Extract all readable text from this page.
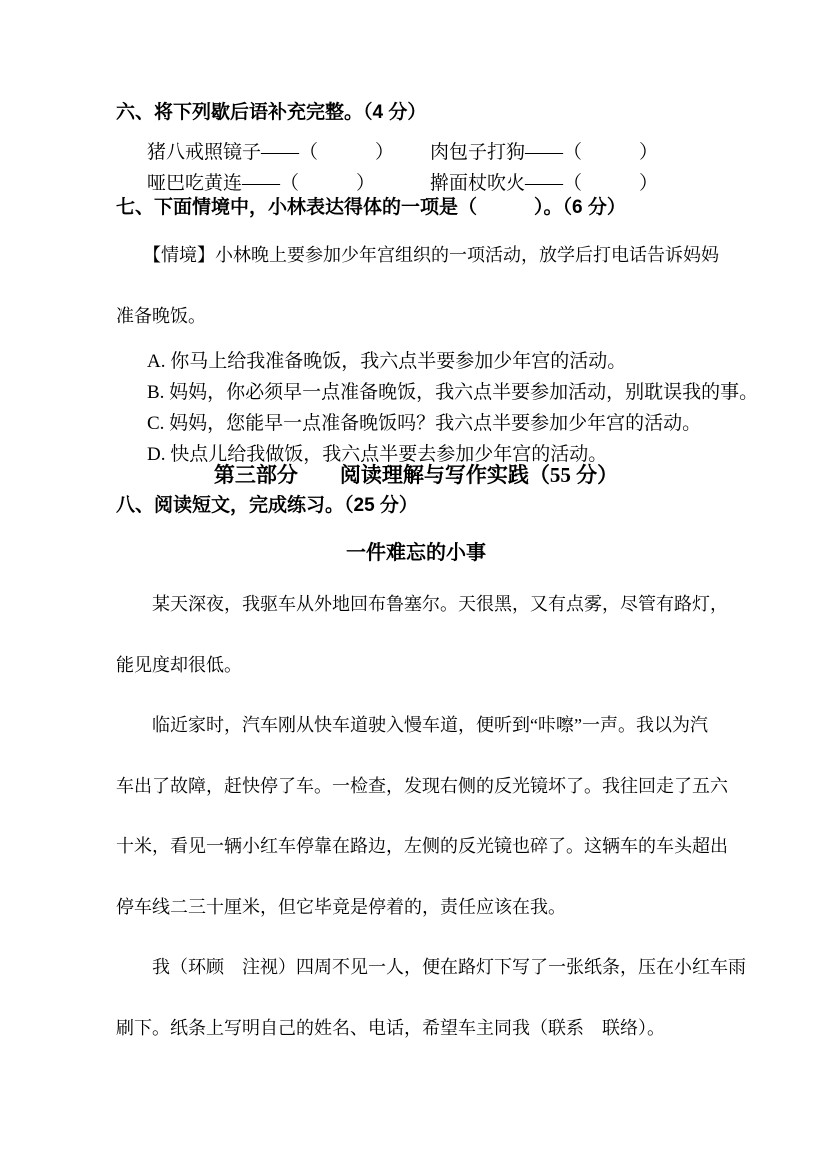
六、将下列歇后语补充完整。（4 分）
猪八戒照镜子——（　　　）	肉包子打狗——（　　　）
哑巴吃黄连——（　　　）	擀面杖吹火——（　　　）
七、下面情境中，小林表达得体的一项是（　　　）。（6 分）
　　【情境】小林晚上要参加少年宫组织的一项活动，放学后打电话告诉妈妈
准备晚饭。
A. 你马上给我准备晚饭，我六点半要参加少年宫的活动。
B. 妈妈，你必须早一点准备晚饭，我六点半要参加活动，别耽误我的事。
C. 妈妈，您能早一点准备晚饭吗？我六点半要参加少年宫的活动。
D. 快点儿给我做饭，我六点半要去参加少年宫的活动。
第三部分　　阅读理解与写作实践（55 分）
八、阅读短文，完成练习。（25 分）
一件难忘的小事
　　某天深夜，我驱车从外地回布鲁塞尔。天很黑，又有点雾，尽管有路灯，
能见度却很低。
　　临近家时，汽车刚从快车道驶入慢车道，便听到“咔嚓”一声。我以为汽
车出了故障，赶快停了车。一检查，发现右侧的反光镜坏了。我往回走了五六
十米，看见一辆小红车停靠在路边，左侧的反光镜也碎了。这辆车的车头超出
停车线二三十厘米，但它毕竟是停着的，责任应该在我。
　　我（环顾　注视）四周不见一人，便在路灯下写了一张纸条，压在小红车雨
刷下。纸条上写明自己的姓名、电话，希望车主同我（联系　联络）。
